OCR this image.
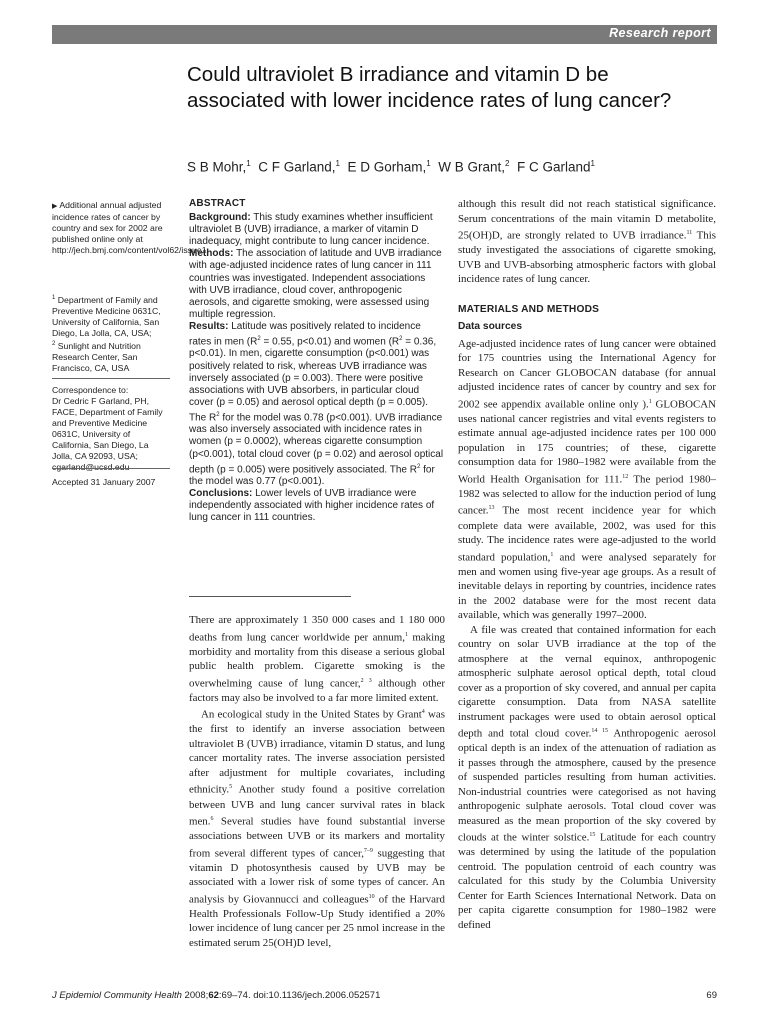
Research report
Could ultraviolet B irradiance and vitamin D be associated with lower incidence rates of lung cancer?
S B Mohr,$^1$ C F Garland,$^1$ E D Gorham,$^1$ W B Grant,$^2$ F C Garland$^1$
▶ Additional annual adjusted incidence rates of cancer by country and sex for 2002 are published online only at http://jech.bmj.com/content/vol62/issue1
$^1$ Department of Family and Preventive Medicine 0631C, University of California, San Diego, La Jolla, CA, USA;
$^2$ Sunlight and Nutrition Research Center, San Francisco, CA, USA
Correspondence to:
Dr Cedric F Garland, PH, FACE, Department of Family and Preventive Medicine 0631C, University of California, San Diego, La Jolla, CA 92093, USA; cgarland@ucsd.edu
Accepted 31 January 2007
ABSTRACT

Background: This study examines whether insufficient ultraviolet B (UVB) irradiance, a marker of vitamin D inadequacy, might contribute to lung cancer incidence.

Methods: The association of latitude and UVB irradiance with age-adjusted incidence rates of lung cancer in 111 countries was investigated. Independent associations with UVB irradiance, cloud cover, anthropogenic aerosols, and cigarette smoking, were assessed using multiple regression.

Results: Latitude was positively related to incidence rates in men ($R^2 = 0.55$, p<0.01) and women ($R^2 = 0.36$, p<0.01). In men, cigarette consumption (p<0.001) was positively related to risk, whereas UVB irradiance was inversely associated (p = 0.003). There were positive associations with UVB absorbers, in particular cloud cover (p = 0.05) and aerosol optical depth (p = 0.005). The $R^2$ for the model was 0.78 (p<0.001). UVB irradiance was also inversely associated with incidence rates in women (p = 0.0002), whereas cigarette consumption (p<0.001), total cloud cover (p = 0.02) and aerosol optical depth (p = 0.005) were positively associated. The $R^2$ for the model was 0.77 (p<0.001).

Conclusions: Lower levels of UVB irradiance were independently associated with higher incidence rates of lung cancer in 111 countries.

There are approximately 1 350 000 cases and 1 180 000 deaths from lung cancer worldwide per annum,$^1$ making morbidity and mortality from this disease a serious global public health problem. Cigarette smoking is the overwhelming cause of lung cancer,$^{2 3}$ although other factors may also be involved to a far more limited extent.

An ecological study in the United States by Grant$^4$ was the first to identify an inverse association between ultraviolet B (UVB) irradiance, vitamin D status, and lung cancer mortality rates. The inverse association persisted after adjustment for multiple covariates, including ethnicity.$^5$ Another study found a positive correlation between UVB and lung cancer survival rates in black men.$^6$ Several studies have found substantial inverse associations between UVB or its markers and mortality from several different types of cancer,$^{7-9}$ suggesting that vitamin D photosynthesis caused by UVB may be associated with a lower risk of some types of cancer. An analysis by Giovannucci and colleagues$^{10}$ of the Harvard Health Professionals Follow-Up Study identified a 20% lower incidence of lung cancer per 25 nmol increase in the estimated serum 25(OH)D level,

although this result did not reach statistical significance. Serum concentrations of the main vitamin D metabolite, 25(OH)D, are strongly related to UVB irradiance.$^{11}$ This study investigated the associations of cigarette smoking, UVB and UVB-absorbing atmospheric factors with global incidence rates of lung cancer.

MATERIALS AND METHODS
Data sources

Age-adjusted incidence rates of lung cancer were obtained for 175 countries using the International Agency for Research on Cancer GLOBOCAN database (for annual adjusted incidence rates of cancer by country and sex for 2002 see appendix available online only ).$^1$ GLOBOCAN uses national cancer registries and vital events registers to estimate annual age-adjusted incidence rates per 100 000 population in 175 countries; of these, cigarette consumption data for 1980–1982 were available from the World Health Organisation for 111.12 The period 1980–1982 was selected to allow for the induction period of lung cancer.$^{13}$ The most recent incidence year for which complete data were available, 2002, was used for this study. The incidence rates were age-adjusted to the world standard population,$^1$ and were analysed separately for men and women using five-year age groups. As a result of inevitable delays in reporting by countries, incidence rates in the 2002 database were for the most recent data available, which was generally 1997–2000.

A file was created that contained information for each country on solar UVB irradiance at the top of the atmosphere at the vernal equinox, anthropogenic atmospheric sulphate aerosol optical depth, total cloud cover as a proportion of sky covered, and annual per capita cigarette consumption. Data from NASA satellite instrument packages were used to obtain aerosol optical depth and total cloud cover.$^{14 15}$ Anthropogenic aerosol optical depth is an index of the attenuation of radiation as it passes through the atmosphere, caused by the presence of suspended particles resulting from human activities. Non-industrial countries were categorised as not having anthropogenic sulphate aerosols. Total cloud cover was measured as the mean proportion of the sky covered by clouds at the winter solstice.$^{15}$ Latitude for each country was determined by using the latitude of the population centroid. The population centroid of each country was calculated for this study by the Columbia University Center for Earth Sciences International Network. Data on per capita cigarette consumption for 1980–1982 were defined

J Epidemiol Community Health 2008;62:69–74. doi:10.1136/jech.2006.052571	69
